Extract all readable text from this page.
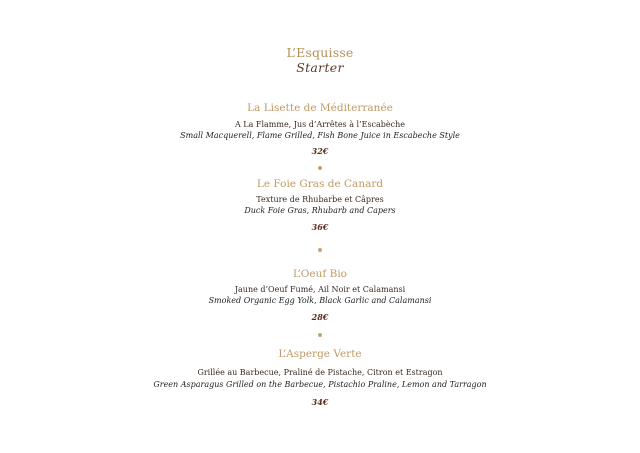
L’Esquisse
Starter
La Lisette de Méditerranée
A La Flamme, Jus d’Arrêtes à l’Escabèche
Small Macquerell, Flame Grilled, Fish Bone Juice in Escabeche Style
32€
Le Foie Gras de Canard
Texture de Rhubarbe et Câpres
Duck Foie Gras, Rhubarb and Capers
36€
L’Oeuf Bio
Jaune d’Oeuf Fumé, Ail Noir et Calamansi
Smoked Organic Egg Yolk, Black Garlic and Calamansi
28€
L’Asperge Verte
Grillée au Barbecue, Praliné de Pistache, Citron et Estragon
Green Asparagus Grilled on the Barbecue, Pistachio Praline, Lemon and Tarragon
34€
